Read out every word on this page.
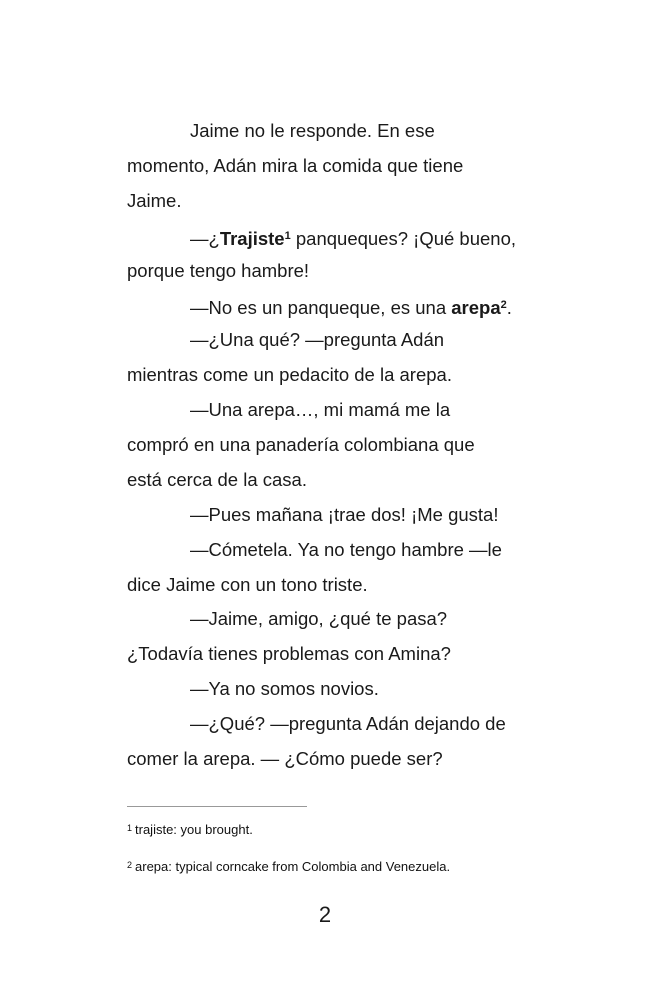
Jaime no le responde. En ese
momento, Adán mira la comida que tiene
Jaime.
—¿Trajiste$^1$ panqueques? ¡Qué bueno,
porque tengo hambre!
—No es un panqueque, es una arepa$^2$.
—¿Una qué? —pregunta Adán
mientras come un pedacito de la arepa.
—Una arepa…, mi mamá me la
compró en una panadería colombiana que
está cerca de la casa.
—Pues mañana ¡trae dos! ¡Me gusta!
—Cómetela. Ya no tengo hambre —le
dice Jaime con un tono triste.
—Jaime, amigo, ¿qué te pasa?
¿Todavía tienes problemas con Amina?
—Ya no somos novios.
—¿Qué? —pregunta Adán dejando de
comer la arepa. — ¿Cómo puede ser?
$^1$ trajiste: you brought.
$^2$ arepa: typical corncake from Colombia and Venezuela.
2
